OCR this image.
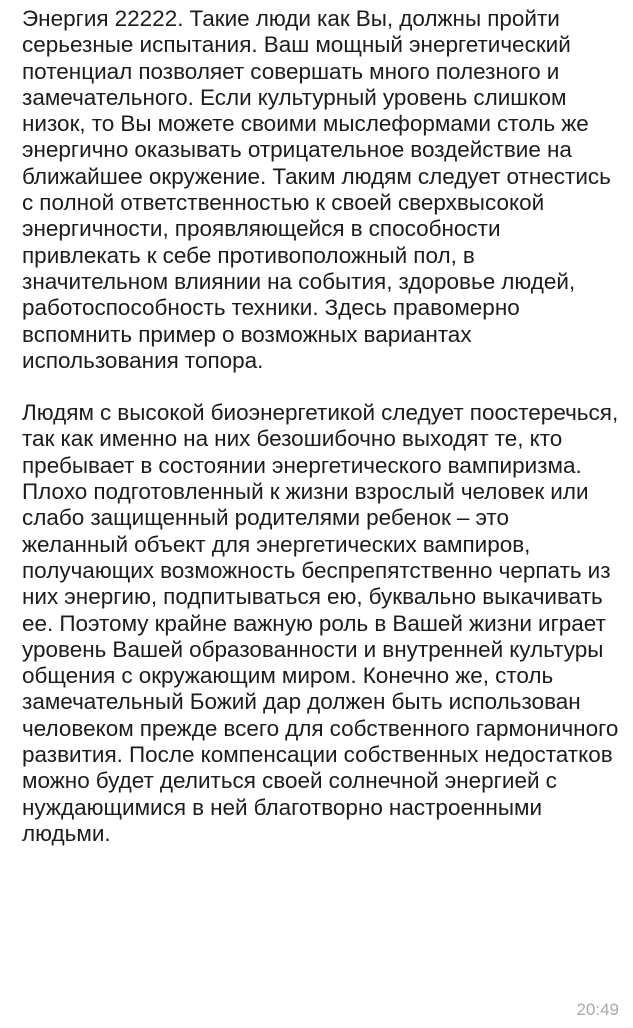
Энергия 22222. Такие люди как Вы, должны пройти серьезные испытания. Ваш мощный энергетический потенциал позволяет совершать много полезного и замечательного. Если культурный уровень слишком низок, то Вы можете своими мыслеформами столь же энергично оказывать отрицательное воздействие на ближайшее окружение. Таким людям следует отнестись с полной ответственностью к своей сверхвысокой энергичности, проявляющейся в способности привлекать к себе противоположный пол, в значительном влиянии на события, здоровье людей, работоспособность техники. Здесь правомерно вспомнить пример о возможных вариантах использования топора.

Людям с высокой биоэнергетикой следует поостеречься, так как именно на них безошибочно выходят те, кто пребывает в состоянии энергетического вампиризма. Плохо подготовленный к жизни взрослый человек или слабо защищенный родителями ребенок – это желанный объект для энергетических вампиров, получающих возможность беспрепятственно черпать из них энергию, подпитываться ею, буквально выкачивать ее. Поэтому крайне важную роль в Вашей жизни играет уровень Вашей образованности и внутренней культуры общения с окружающим миром. Конечно же, столь замечательный Божий дар должен быть использован человеком прежде всего для собственного гармоничного развития. После компенсации собственных недостатков можно будет делиться своей солнечной энергией с нуждающимися в ней благотворно настроенными людьми.

20:49
